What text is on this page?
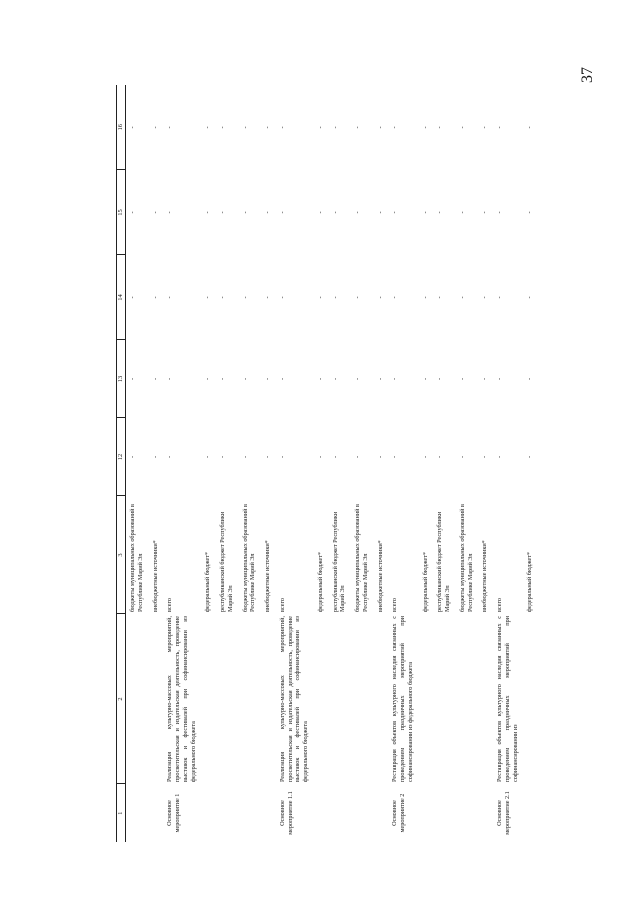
37
1	2	3	12	13	14	15	16
		бюджеты муниципальных образований в Республике Марий Эл	-	-	-	-	-
		внебюджетные источники*	-	-	-	-	-
Основное мероприятие 1	Реализация культурно-массовых мероприятий, просветительская и издательская деятельность, проведение выставок и фестивалей при софинансировании из федерального бюджета	всего	-	-	-	-	-
		федеральный бюджет*	-	-	-	-	-
		республиканский бюджет Республики Марий Эл	-	-	-	-	-
		бюджеты муниципальных образований в Республике Марий Эл	-	-	-	-	-
		внебюджетные источники*	-	-	-	-	-
Основное мероприятие 1.1	Реализация культурно-массовых мероприятий, просветительская и издательская деятельность, проведение выставок и фестивалей при софинансировании из федерального бюджета	всего	-	-	-	-	-
		федеральный бюджет*	-	-	-	-	-
		республиканский бюджет Республики Марий Эл	-	-	-	-	-
		бюджеты муниципальных образований в Республике Марий Эл	-	-	-	-	-
		внебюджетные источники*	-	-	-	-	-
Основное мероприятие 2	Реставрация объектов культурного наследия связанных с проведением праздничных мероприятий при софинансировании из федерального бюджета	всего	-	-	-	-	-
		федеральный бюджет*	-	-	-	-	-
		республиканский бюджет Республики Марий Эл	-	-	-	-	-
		бюджеты муниципальных образований в Республике Марий Эл	-	-	-	-	-
		внебюджетные источники*	-	-	-	-	-
Основное мероприятие 2.1	Реставрация объектов культурного наследия связанных с проведением праздничных мероприятий при софинансировании из	всего	-	-	-	-	-
		федеральный бюджет*	-	-	-	-	-
